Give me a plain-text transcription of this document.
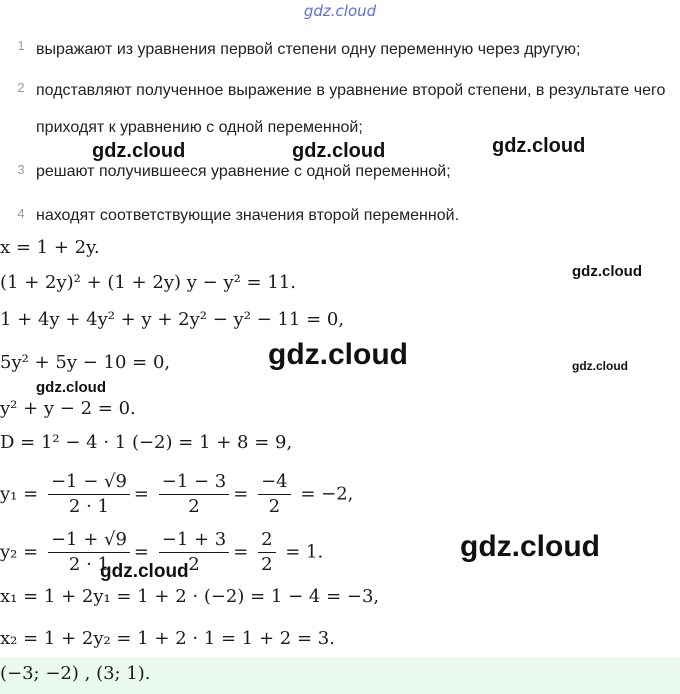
gdz.cloud
1 выражают из уравнения первой степени одну переменную через другую;
2 подставляют полученное выражение в уравнение второй степени, в результате чего приходят к уравнению с одной переменной;
3 решают получившееся уравнение с одной переменной;
4 находят соответствующие значения второй переменной.
x = 1 + 2y.
(1 + 2y)² + (1 + 2y) y − y² = 11.
1 + 4y + 4y² + y + 2y² − y² − 11 = 0,
5y² + 5y − 10 = 0,
y² + y − 2 = 0.
D = 1² − 4 · 1 (−2) = 1 + 8 = 9,
$y_1 = \frac{-1 - √9}{2 \cdot 1} = \frac{-1 - 3}{2} = \frac{-4}{2} = -2$,
$y_2 = \frac{-1 + √9}{2 \cdot 1} = \frac{-1 + 3}{2} = \frac{2}{2} = 1$.
x₁ = 1 + 2y₁ = 1 + 2 · (−2) = 1 − 4 = −3,
x₂ = 1 + 2y₂ = 1 + 2 · 1 = 1 + 2 = 3.
(−3; −2) , (3; 1).
gdz.cloud	gdz.cloud	gdz.cloud
gdz.cloud
gdz.cloud	gdz.cloud
gdz.cloud
gdz.cloud
gdz.cloud
